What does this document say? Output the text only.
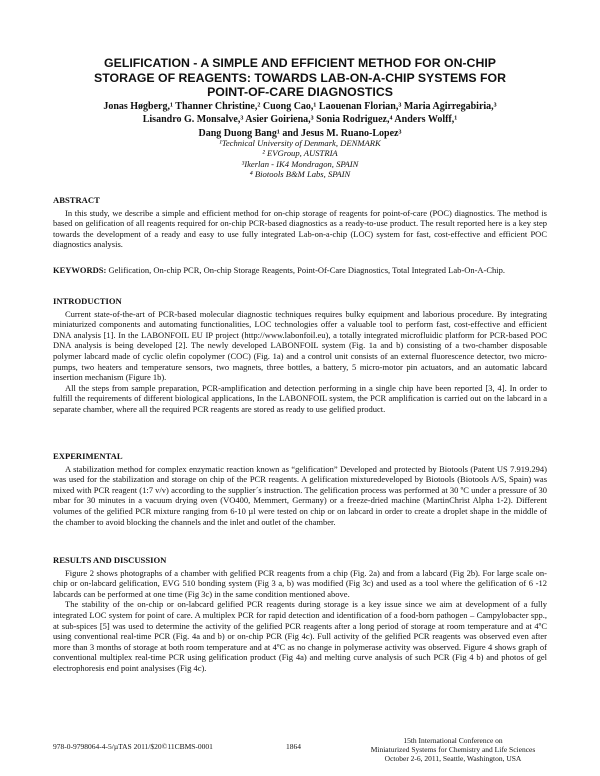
GELIFICATION - A SIMPLE AND EFFICIENT METHOD FOR ON-CHIP
STORAGE OF REAGENTS: TOWARDS LAB-ON-A-CHIP SYSTEMS FOR
POINT-OF-CARE DIAGNOSTICS
Jonas Høgberg,¹ Thanner Christine,² Cuong Cao,¹ Laouenan Florian,³ Maria Agirregabiria,³
Lisandro G. Monsalve,³ Asier Goiriena,³ Sonia Rodriguez,⁴ Anders Wolff,¹
Dang Duong Bang¹ and Jesus M. Ruano-Lopez³
¹Technical University of Denmark, DENMARK
² EVGroup, AUSTRIA
³Ikerlan - IK4 Mondragon, SPAIN
⁴ Biotools B&M Labs, SPAIN
ABSTRACT

In this study, we describe a simple and efficient method for on-chip storage of reagents for point-of-care (POC) diagnostics. The method is based on gelification of all reagents required for on-chip PCR-based diagnostics as a ready-to-use product. The result reported here is a key step towards the development of a ready and easy to use fully integrated Lab-on-a-chip (LOC) system for fast, cost-effective and efficient POC diagnostics analysis.

KEYWORDS: Gelification, On-chip PCR, On-chip Storage Reagents, Point-Of-Care Diagnostics, Total Integrated Lab-On-A-Chip.
INTRODUCTION

Current state-of-the-art of PCR-based molecular diagnostic techniques requires bulky equipment and laborious procedure. By integrating miniaturized components and automating functionalities, LOC technologies offer a valuable tool to perform fast, cost-effective and efficient DNA analysis [1]. In the LABONFOIL EU IP project (http://www.labonfoil.eu), a totally integrated microfluidic platform for PCR-based POC DNA analysis is being developed [2]. The newly developed LABONFOIL system (Fig. 1a and b) consisting of a two-chamber disposable polymer labcard made of cyclic olefin copolymer (COC) (Fig. 1a) and a control unit consists of an external fluorescence detector, two micro-pumps, two heaters and temperature sensors, two magnets, three bottles, a battery, 5 micro-motor pin actuators, and an automatic labcard insertion mechanism (Figure 1b).

All the steps from sample preparation, PCR-amplification and detection performing in a single chip have been reported [3, 4]. In order to fulfill the requirements of different biological applications, In the LABONFOIL system, the PCR amplification is carried out on the labcard in a separate chamber, where all the required PCR reagents are stored as ready to use gelified product.

EXPERIMENTAL

A stabilization method for complex enzymatic reaction known as “gelification” Developed and protected by Biotools (Patent US 7.919.294) was used for the stabilization and storage on chip of the PCR reagents. A gelification mixturedeveloped by Biotools (Biotools A/S, Spain) was mixed with PCR reagent (1:7 v/v) according to the supplier´s instruction. The gelification process was performed at 30 ºC under a pressure of 30 mbar for 30 minutes in a vacuum drying oven (VO400, Memmert, Germany) or a freeze-dried machine (MartinChrist Alpha 1-2). Different volumes of the gelified PCR mixture ranging from 6-10 µl were tested on chip or on labcard in order to create a droplet shape in the middle of the chamber to avoid blocking the channels and the inlet and outlet of the chamber.

RESULTS AND DISCUSSION

Figure 2 shows photographs of a chamber with gelified PCR reagents from a chip (Fig. 2a) and from a labcard (Fig 2b). For large scale on-chip or on-labcard gelification, EVG 510 bonding system (Fig 3 a, b) was modified (Fig 3c) and used as a tool where the gelification of 6 -12 labcards can be performed at one time (Fig 3c) in the same condition mentioned above.

The stability of the on-chip or on-labcard gelified PCR reagents during storage is a key issue since we aim at development of a fully integrated LOC system for point of care. A multiplex PCR for rapid detection and identification of a food-born pathogen – Campylobacter spp., at sub-spices [5] was used to determine the activity of the gelified PCR reagents after a long period of storage at room temperature and at 4ºC using conventional real-time PCR (Fig. 4a and b) or on-chip PCR (Fig 4c). Full activity of the gelified PCR reagents was observed even after more than 3 months of storage at both room temperature and at 4ºC as no change in polymerase activity was observed. Figure 4 shows graph of conventional multiplex real-time PCR using gelification product (Fig 4a) and melting curve analysis of such PCR (Fig 4 b) and photos of gel electrophoresis end point analysises (Fig 4c).

978-0-9798064-4-5/µTAS 2011/$20©11CBMS-0001	1864
15th International Conference on
Miniaturized Systems for Chemistry and Life Sciences
October 2-6, 2011, Seattle, Washington, USA
